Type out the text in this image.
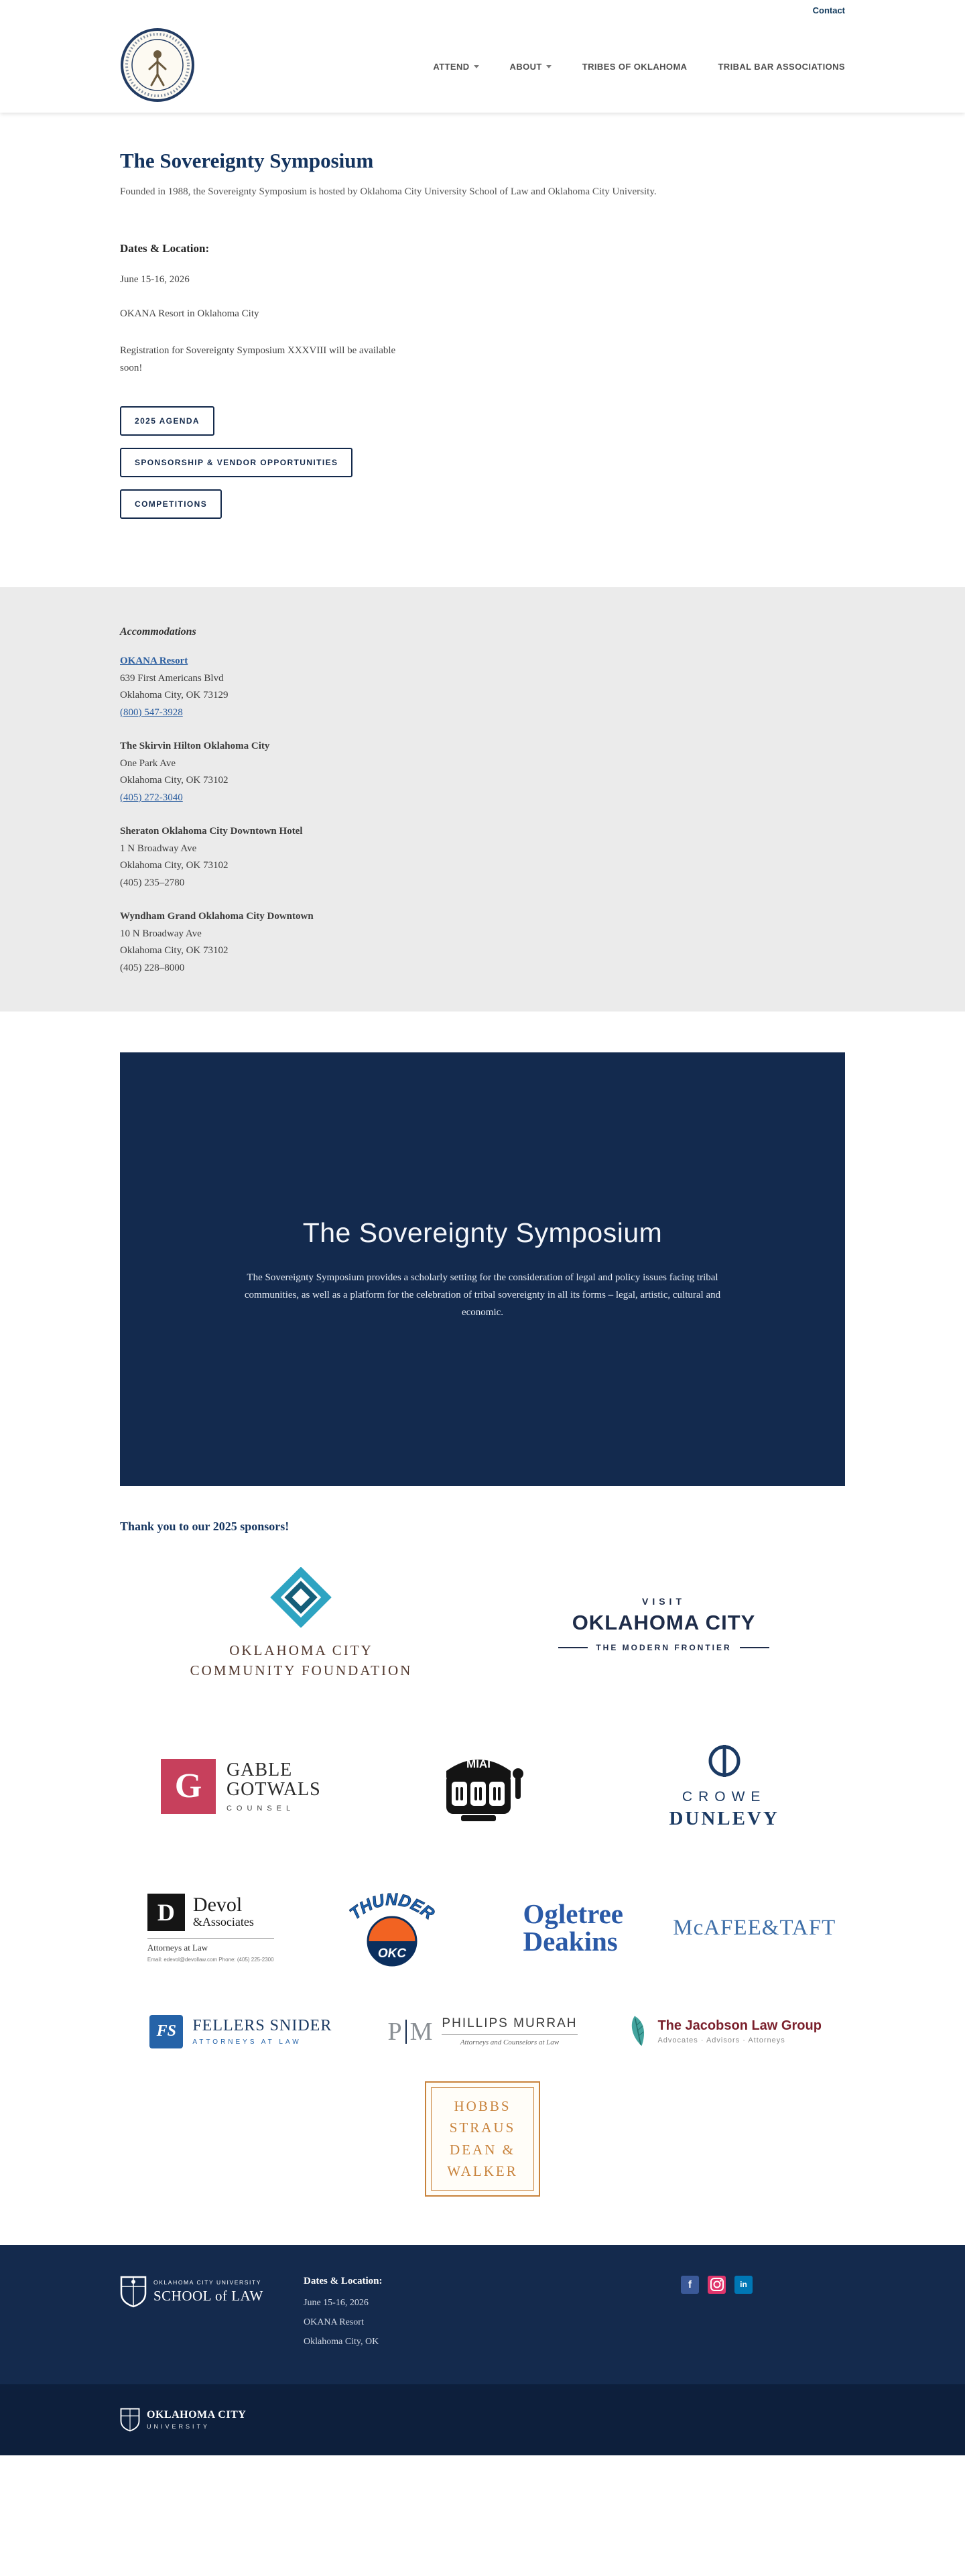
Contact
ATTEND	ABOUT	TRIBES OF OKLAHOMA	TRIBAL BAR ASSOCIATIONS
The Sovereignty Symposium

Founded in 1988, the Sovereignty Symposium is hosted by Oklahoma City University School of Law and Oklahoma City University.

Dates & Location:

June 15-16, 2026

OKANA Resort in Oklahoma City

Registration for Sovereignty Symposium XXXVIII will be available soon!

2025 AGENDA
SPONSORSHIP & VENDOR OPPORTUNITIES
COMPETITIONS
Accommodations
OKANA Resort
639 First Americans Blvd
Oklahoma City, OK 73129
(800) 547-3928
The Skirvin Hilton Oklahoma City
One Park Ave
Oklahoma City, OK 73102
(405) 272-3040
Sheraton Oklahoma City Downtown Hotel
1 N Broadway Ave
Oklahoma City, OK 73102
(405) 235–2780
Wyndham Grand Oklahoma City Downtown
10 N Broadway Ave
Oklahoma City, OK 73102
(405) 228–8000
The Sovereignty Symposium

The Sovereignty Symposium provides a scholarly setting for the consideration of legal and policy issues facing tribal communities, as well as a platform for the celebration of tribal sovereignty in all its forms – legal, artistic, cultural and economic.

Thank you to our 2025 sponsors!
OKLAHOMA CITY
COMMUNITY FOUNDATION
VISIT
OKLAHOMA CITY
THE MODERN FRONTIER
G	GABLE
GOTWALS
COUNSEL
MIAI
CROWE
DUNLEVY
D Devol
&Associates
Attorneys at Law
Email: edevol@devollaw.com Phone: (405) 225-2300
THUNDER
OKC
Ogletree
Deakins McAFEE&TAFT
FS	FELLERS SNIDER
ATTORNEYS AT LAW	P M PHILLIPS MURRAH
Attorneys and Counselors at Law
The Jacobson Law Group
Advocates · Advisors · Attorneys
HOBBS
STRAUS
DEAN &
WALKER
OKLAHOMA CITY UNIVERSITY
SCHOOL of LAW
Dates & Location:
June 15-16, 2026
OKANA Resort
Oklahoma City, OK
f	in
OKLAHOMA CITY
UNIVERSITY
